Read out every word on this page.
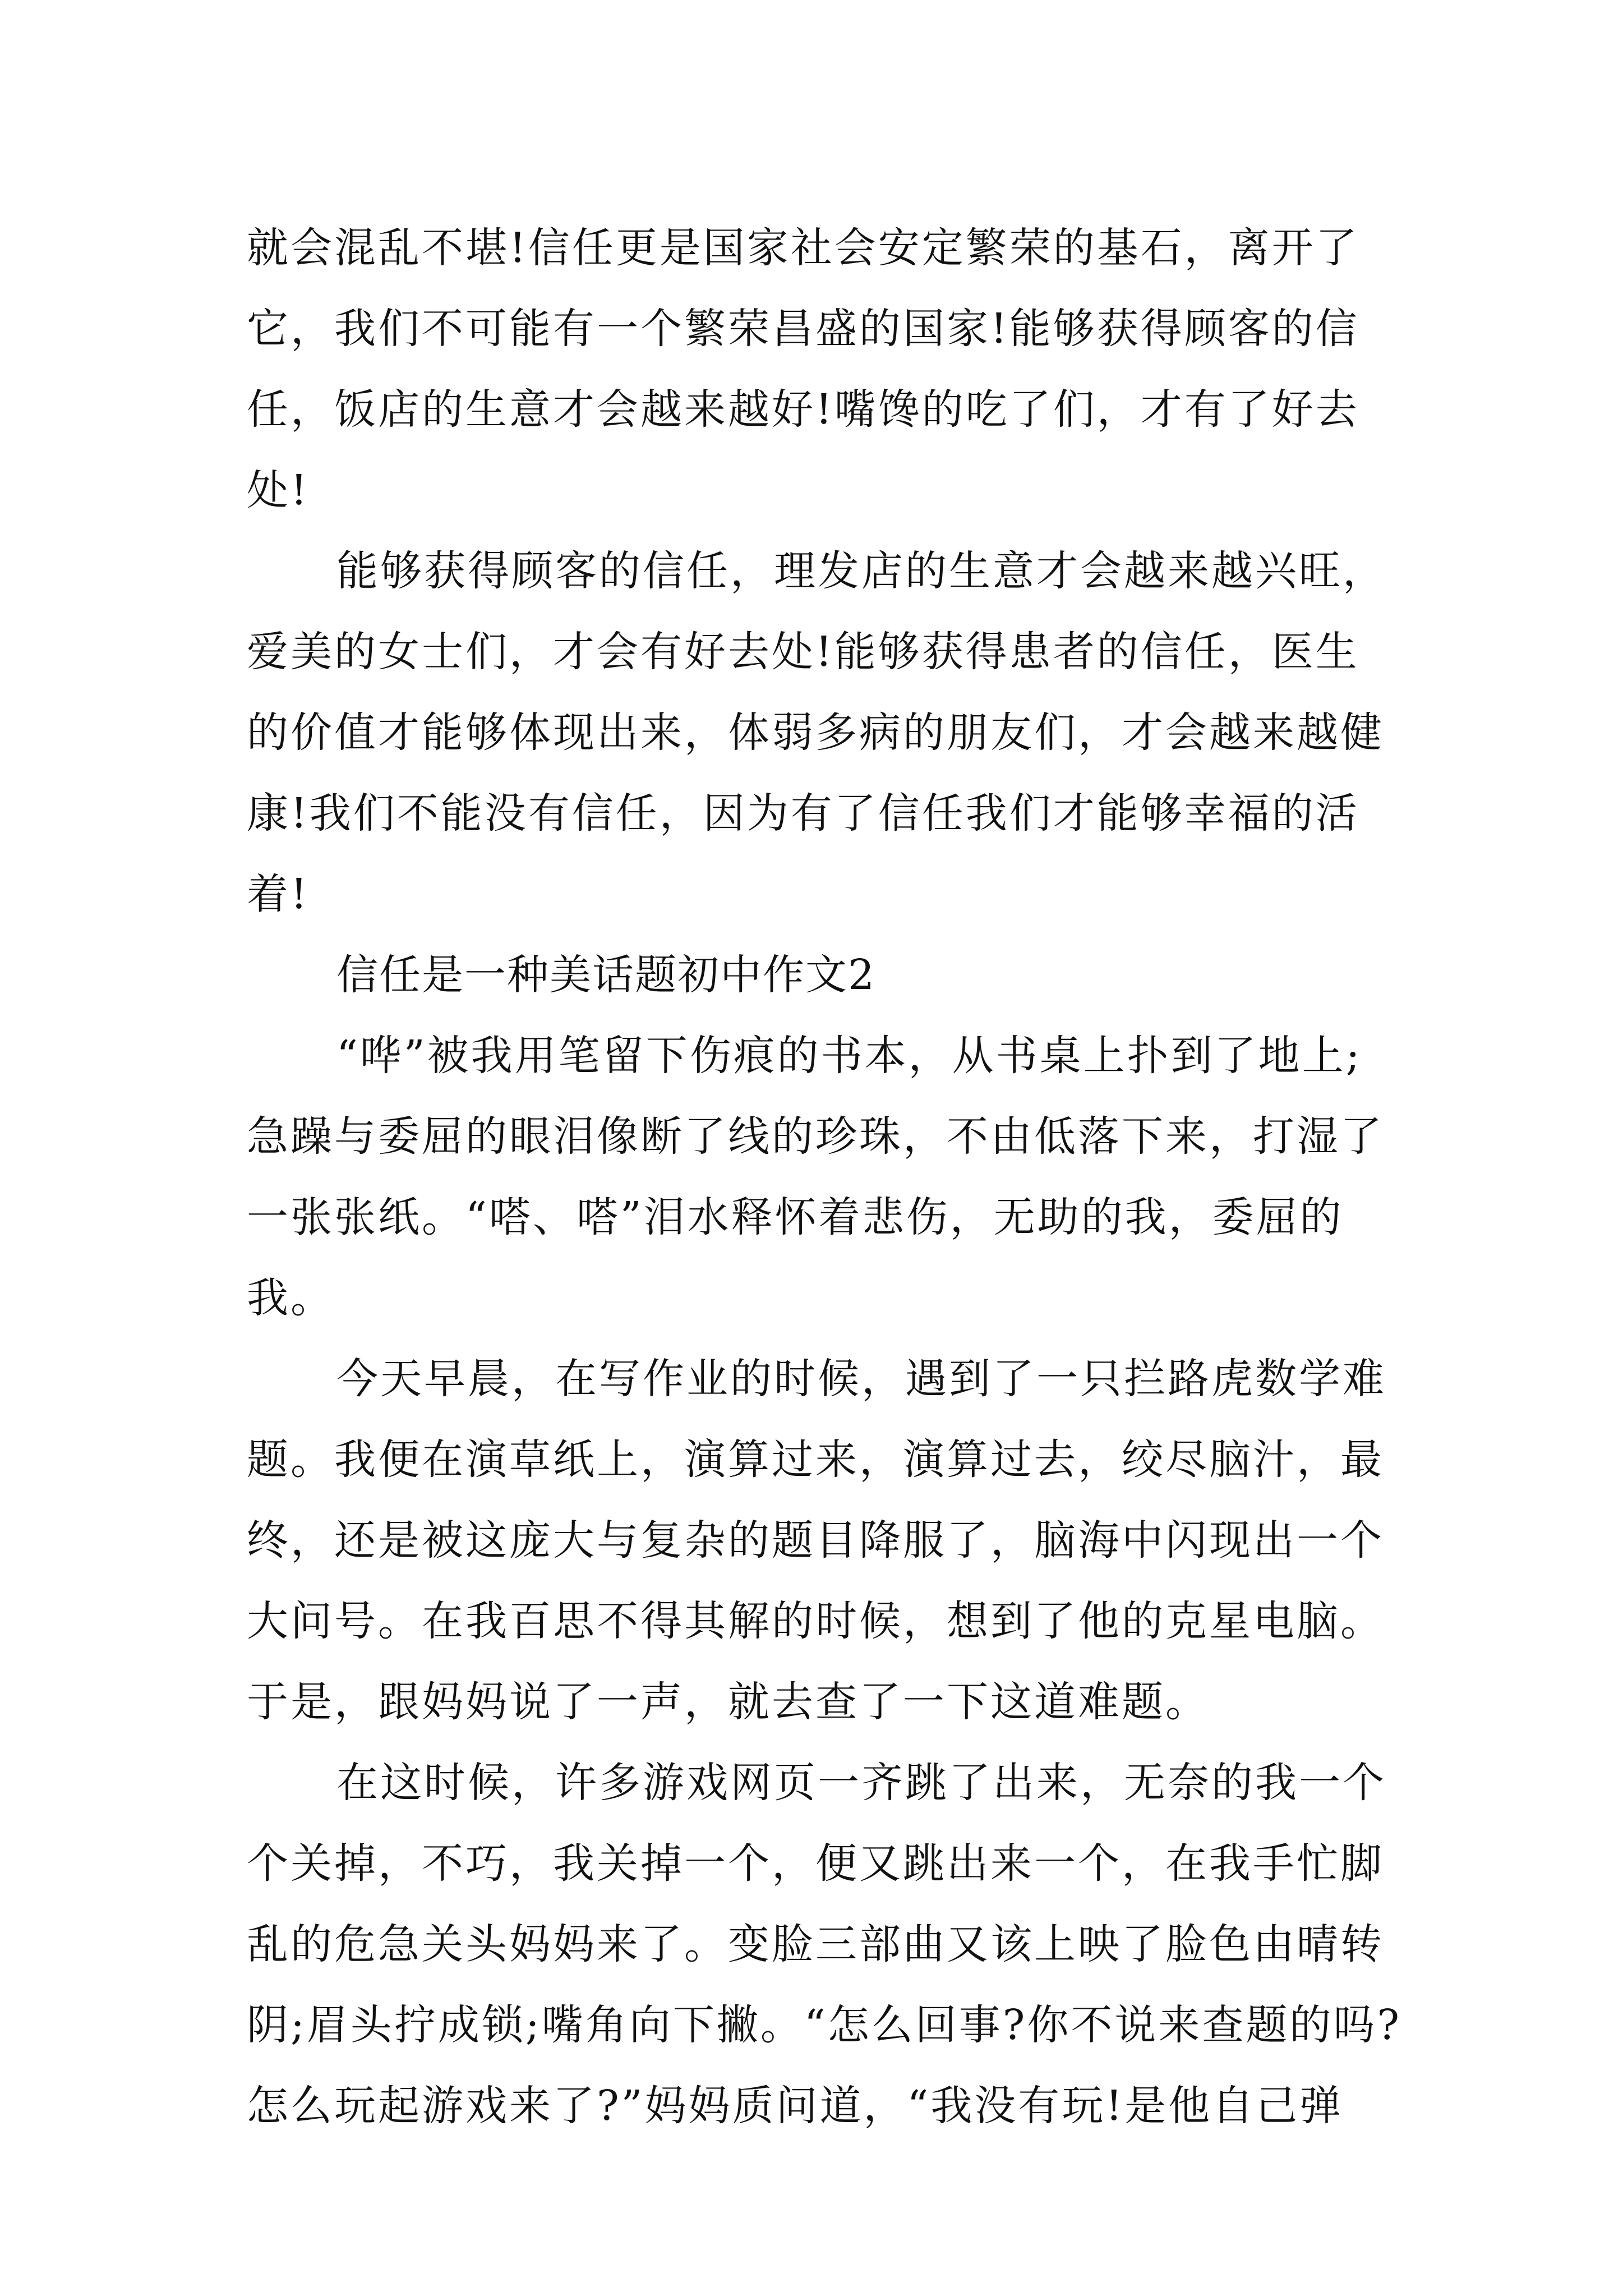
就会混乱不堪!信任更是国家社会安定繁荣的基石，离开了
它，我们不可能有一个繁荣昌盛的国家!能够获得顾客的信
任，饭店的生意才会越来越好!嘴馋的吃了们，才有了好去
处!
能够获得顾客的信任，理发店的生意才会越来越兴旺，
爱美的女士们，才会有好去处!能够获得患者的信任，医生
的价值才能够体现出来，体弱多病的朋友们，才会越来越健
康!我们不能没有信任，因为有了信任我们才能够幸福的活
着!
信任是一种美话题初中作文2
“哗”被我用笔留下伤痕的书本，从书桌上扑到了地上;
急躁与委屈的眼泪像断了线的珍珠，不由低落下来，打湿了
一张张纸。“嗒、嗒”泪水释怀着悲伤，无助的我，委屈的
我。
今天早晨，在写作业的时候，遇到了一只拦路虎数学难
题。我便在演草纸上，演算过来，演算过去，绞尽脑汁，最
终，还是被这庞大与复杂的题目降服了，脑海中闪现出一个
大问号。在我百思不得其解的时候，想到了他的克星电脑。
于是，跟妈妈说了一声，就去查了一下这道难题。
在这时候，许多游戏网页一齐跳了出来，无奈的我一个
个关掉，不巧，我关掉一个，便又跳出来一个，在我手忙脚
乱的危急关头妈妈来了。变脸三部曲又该上映了脸色由晴转
阴;眉头拧成锁;嘴角向下撇。“怎么回事?你不说来查题的吗?
怎么玩起游戏来了?”妈妈质问道，“我没有玩!是他自己弹
